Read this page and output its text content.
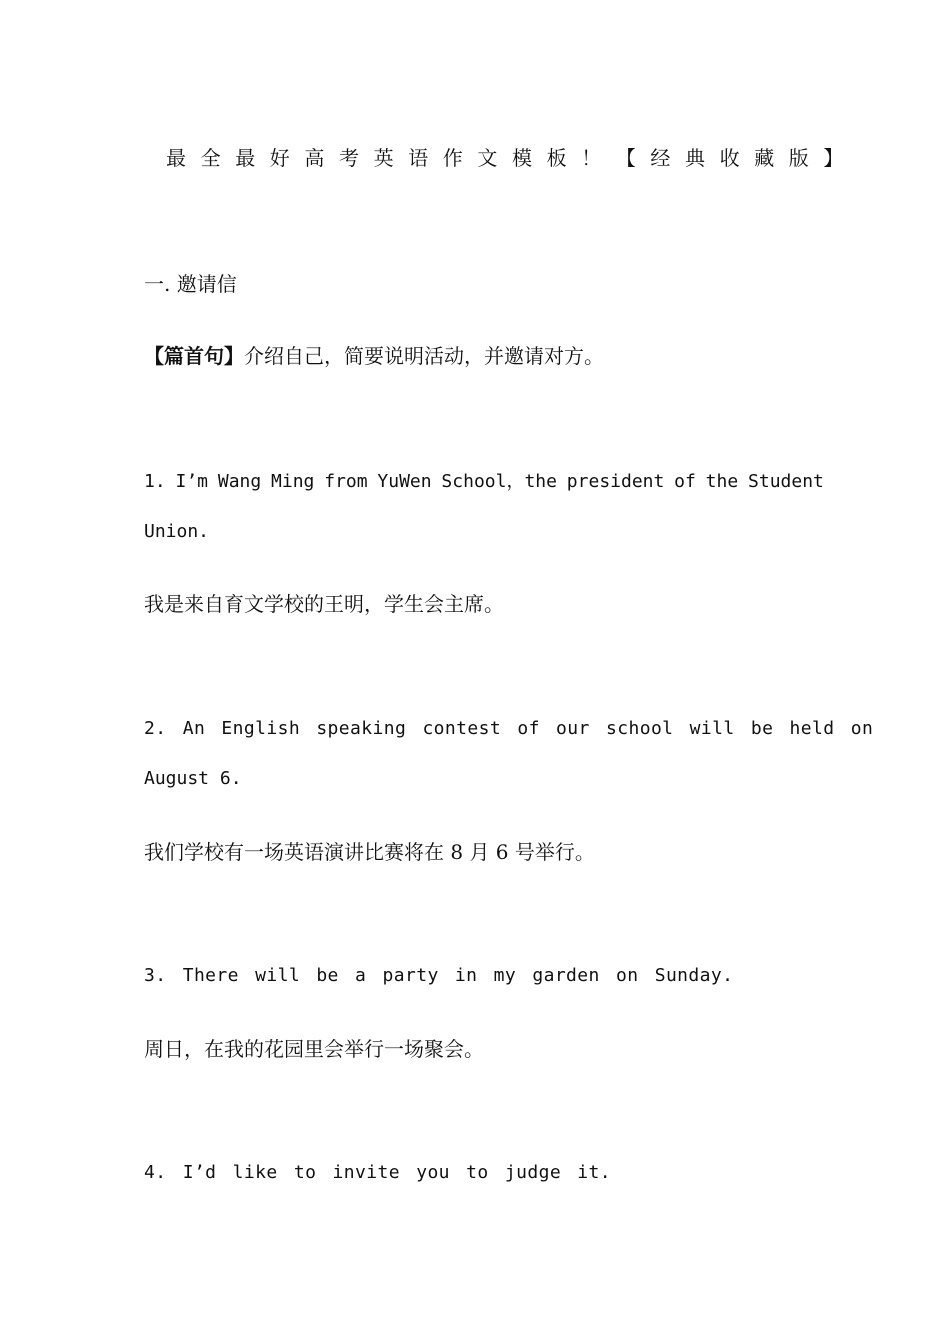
最全最好高考英语作文模板！【经典收藏版】
一. 邀请信
【篇首句】介绍自己，简要说明活动，并邀请对方。
1. I’m Wang Ming from YuWen School，the president of the Student
Union.
我是来自育文学校的王明，学生会主席。
2. An English speaking contest of our school will be held on
August 6.
我们学校有一场英语演讲比赛将在 8 月 6 号举行。
3. There will be a party in my garden on Sunday.
周日，在我的花园里会举行一场聚会。
4. I’d like to invite you to judge it.
